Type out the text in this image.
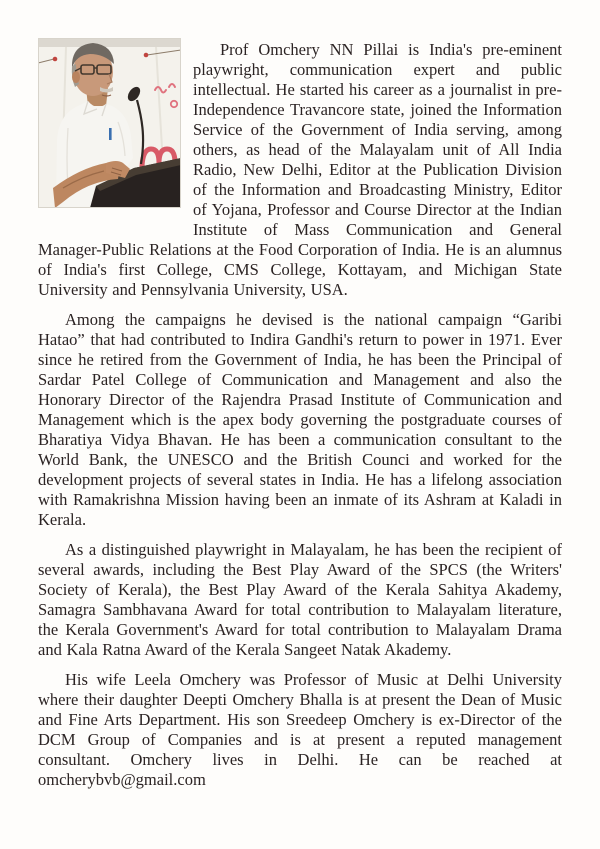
Prof Omchery NN Pillai is India's pre-eminent playwright, communication expert and public intellectual. He started his career as a journalist in pre-Independence Travancore state, joined the Information Service of the Government of India serving, among others, as head of the Malayalam unit of All India Radio, New Delhi, Editor at the Publication Division of the Information and Broadcasting Ministry, Editor of Yojana, Professor and Course Director at the Indian Institute of Mass Communication and General Manager-Public Relations at the Food Corporation of India. He is an alumnus of India's first College, CMS College, Kottayam, and Michigan State University and Pennsylvania University, USA.

Among the campaigns he devised is the national campaign “Garibi Hatao” that had contributed to Indira Gandhi's return to power in 1971. Ever since he retired from the Government of India, he has been the Principal of Sardar Patel College of Communication and Management and also the Honorary Director of the Rajendra Prasad Institute of Communication and Management which is the apex body governing the postgraduate courses of Bharatiya Vidya Bhavan. He has been a communication consultant to the World Bank, the UNESCO and the British Counci and worked for the development projects of several states in India. He has a lifelong association with Ramakrishna Mission having been an inmate of its Ashram at Kaladi in Kerala.

As a distinguished playwright in Malayalam, he has been the recipient of several awards, including the Best Play Award of the SPCS (the Writers' Society of Kerala), the Best Play Award of the Kerala Sahitya Akademy, Samagra Sambhavana Award for total contribution to Malayalam literature, the Kerala Government's Award for total contribution to Malayalam Drama and Kala Ratna Award of the Kerala Sangeet Natak Akademy.

His wife Leela Omchery was Professor of Music at Delhi University where their daughter Deepti Omchery Bhalla is at present the Dean of Music and Fine Arts Department. His son Sreedeep Omchery is ex-Director of the DCM Group of Companies and is at present a reputed management consultant. Omchery lives in Delhi. He can be reached at omcherybvb@gmail.com
